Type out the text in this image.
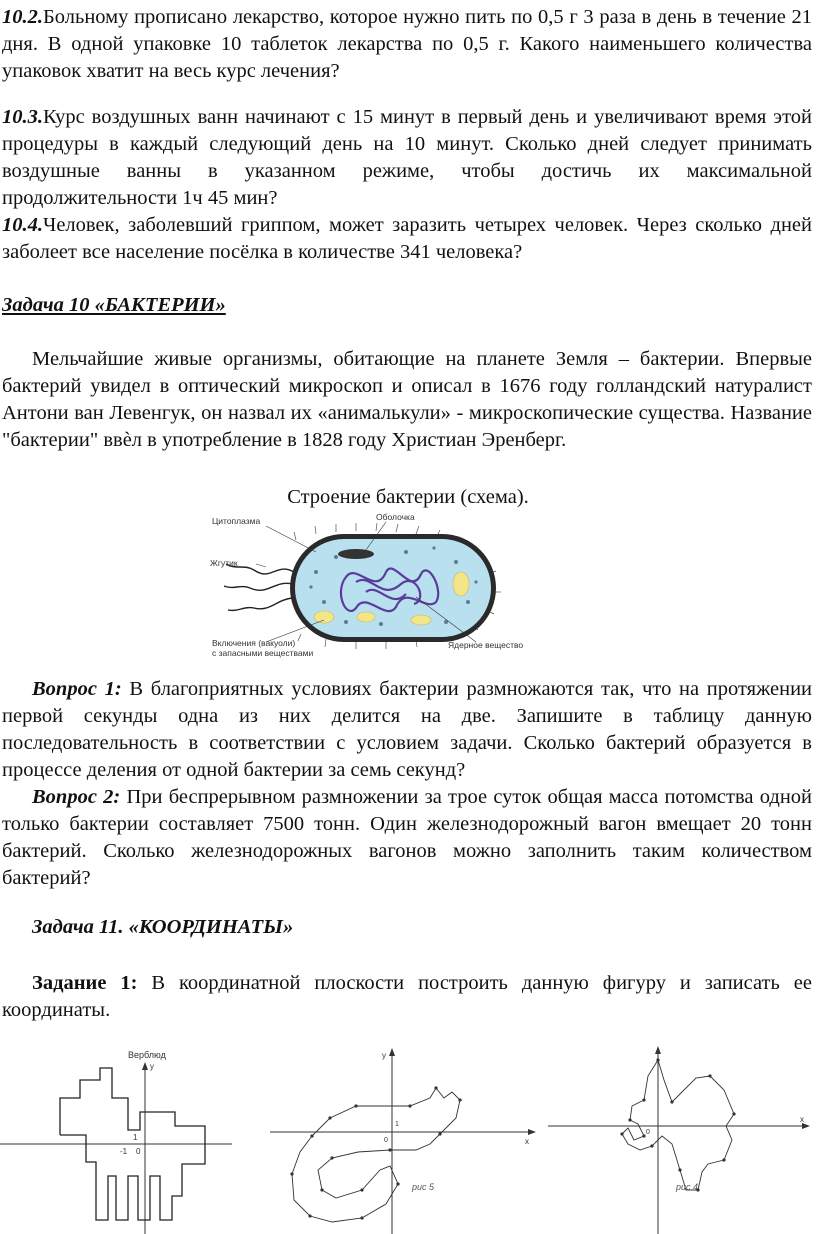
10.2.Больному прописано лекарство, которое нужно пить по 0,5 г 3 раза в день в течение 21 дня. В одной упаковке 10 таблеток лекарства по 0,5 г. Какого наименьшего количества упаковок хватит на весь курс лечения?

10.3.Курс воздушных ванн начинают с 15 минут в первый день и увеличивают время этой процедуры в каждый следующий день на 10 минут. Сколько дней следует принимать воздушные ванны в указанном режиме, чтобы достичь их максимальной продолжительности 1ч 45 мин?

10.4.Человек, заболевший гриппом, может заразить четырех человек. Через сколько дней заболеет все население посёлка в количестве 341 человека?

Задача 10 «БАКТЕРИИ»

Мельчайшие живые организмы, обитающие на планете Земля – бактерии. Впервые бактерий увидел в оптический микроскоп и описал в 1676 году голландский натуралист Антони ван Левенгук, он назвал их «анималькули» - микроскопические существа. Название "бактерии" ввѐл в употребление в 1828 году Христиан Эренберг.

Строение бактерии (схема).
Цитоплазма	Оболочка
Жгутик
Включения (вакуоли)
с запасными веществами
Ядерное вещество

Вопрос 1: В благоприятных условиях бактерии размножаются так, что на протяжении первой секунды одна из них делится на две. Запишите в таблицу данную последовательность в соответствии с условием задачи. Сколько бактерий образуется в процессе деления от одной бактерии за семь секунд?

Вопрос 2: При беспрерывном размножении за трое суток общая масса потомства одной только бактерии составляет 7500 тонн. Один железнодорожный вагон вмещает 20 тонн бактерий. Сколько железнодорожных вагонов можно заполнить таким количеством бактерий?

Задача 11. «КООРДИНАТЫ»

Задание 1: В координатной плоскости построить данную фигуру и записать ее координаты.

Верблюд
y
1
0
-1
y
x
1
0
рис 5
x
0
рис 4
